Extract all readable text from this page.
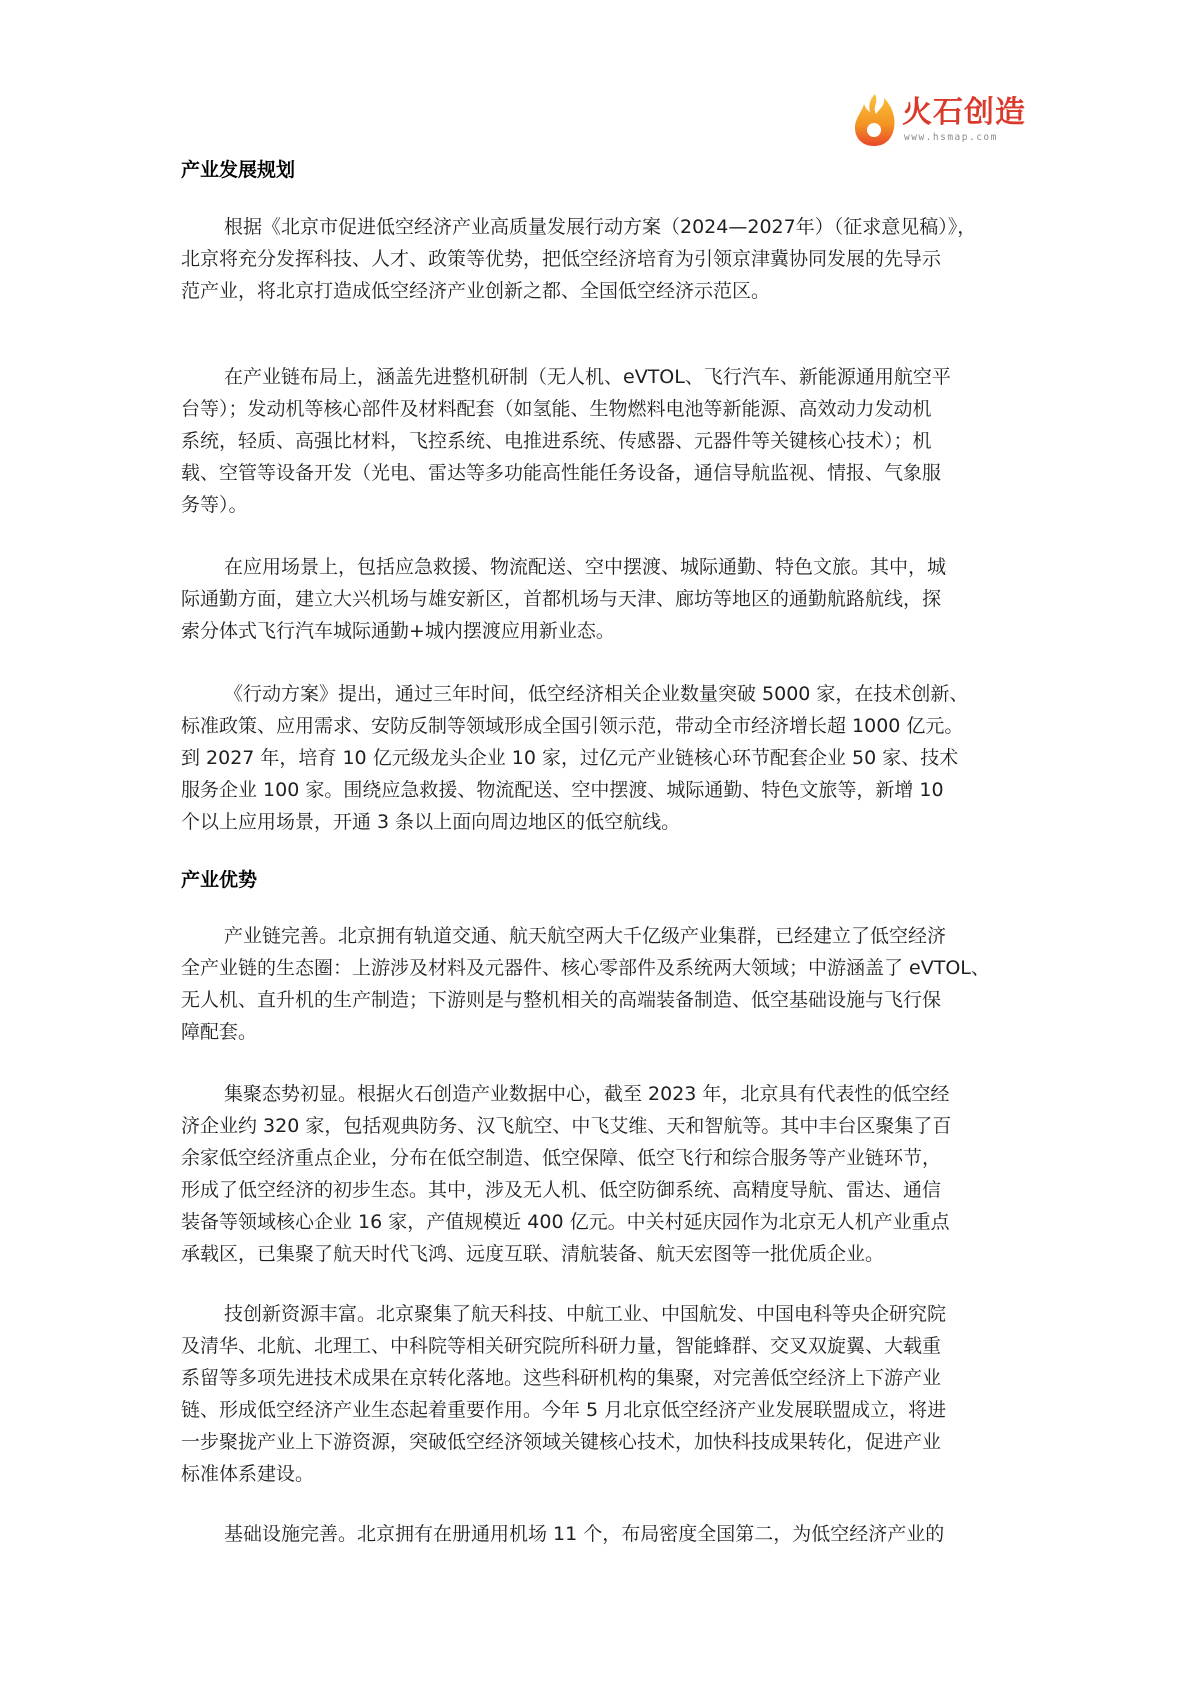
火石创造
www.hsmap.com
产业发展规划
根据《北京市促进低空经济产业高质量发展行动方案（2024—2027年）（征求意见稿）》，
北京将充分发挥科技、人才、政策等优势，把低空经济培育为引领京津冀协同发展的先导示
范产业，将北京打造成低空经济产业创新之都、全国低空经济示范区。
在产业链布局上，涵盖先进整机研制（无人机、eVTOL、飞行汽车、新能源通用航空平
台等）；发动机等核心部件及材料配套（如氢能、生物燃料电池等新能源、高效动力发动机
系统，轻质、高强比材料，飞控系统、电推进系统、传感器、元器件等关键核心技术）；机
载、空管等设备开发（光电、雷达等多功能高性能任务设备，通信导航监视、情报、气象服
务等）。
在应用场景上，包括应急救援、物流配送、空中摆渡、城际通勤、特色文旅。其中，城
际通勤方面，建立大兴机场与雄安新区，首都机场与天津、廊坊等地区的通勤航路航线，探
索分体式飞行汽车城际通勤+城内摆渡应用新业态。
《行动方案》提出，通过三年时间，低空经济相关企业数量突破 5000 家，在技术创新、
标准政策、应用需求、安防反制等领域形成全国引领示范，带动全市经济增长超 1000 亿元。
到 2027 年，培育 10 亿元级龙头企业 10 家，过亿元产业链核心环节配套企业 50 家、技术
服务企业 100 家。围绕应急救援、物流配送、空中摆渡、城际通勤、特色文旅等，新增 10
个以上应用场景，开通 3 条以上面向周边地区的低空航线。
产业优势
产业链完善。北京拥有轨道交通、航天航空两大千亿级产业集群，已经建立了低空经济
全产业链的生态圈：上游涉及材料及元器件、核心零部件及系统两大领域；中游涵盖了 eVTOL、
无人机、直升机的生产制造；下游则是与整机相关的高端装备制造、低空基础设施与飞行保
障配套。
集聚态势初显。根据火石创造产业数据中心，截至 2023 年，北京具有代表性的低空经
济企业约 320 家，包括观典防务、汉飞航空、中飞艾维、天和智航等。其中丰台区聚集了百
余家低空经济重点企业，分布在低空制造、低空保障、低空飞行和综合服务等产业链环节，
形成了低空经济的初步生态。其中，涉及无人机、低空防御系统、高精度导航、雷达、通信
装备等领域核心企业 16 家，产值规模近 400 亿元。中关村延庆园作为北京无人机产业重点
承载区，已集聚了航天时代飞鸿、远度互联、清航装备、航天宏图等一批优质企业。
技创新资源丰富。北京聚集了航天科技、中航工业、中国航发、中国电科等央企研究院
及清华、北航、北理工、中科院等相关研究院所科研力量，智能蜂群、交叉双旋翼、大载重
系留等多项先进技术成果在京转化落地。这些科研机构的集聚，对完善低空经济上下游产业
链、形成低空经济产业生态起着重要作用。今年 5 月北京低空经济产业发展联盟成立，将进
一步聚拢产业上下游资源，突破低空经济领域关键核心技术，加快科技成果转化，促进产业
标准体系建设。
基础设施完善。北京拥有在册通用机场 11 个，布局密度全国第二，为低空经济产业的
